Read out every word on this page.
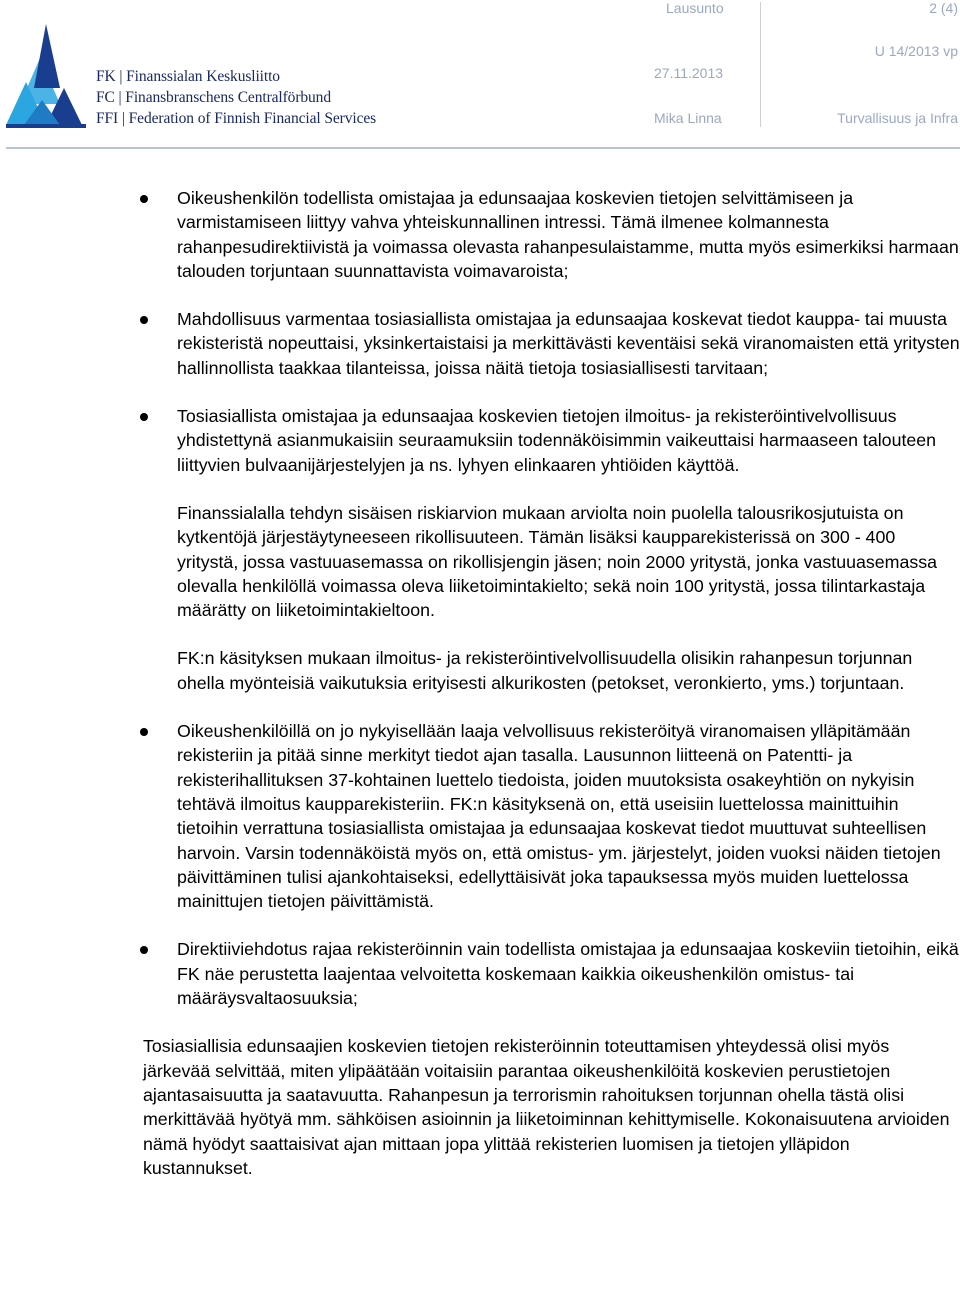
FK | Finanssialan Keskusliitto
FC | Finansbranschens Centralförbund
FFI | Federation of Finnish Financial Services
Lausunto	2 (4)
U 14/2013 vp
27.11.2013
Mika Linna	Turvallisuus ja Infra

Oikeushenkilön todellista omistajaa ja edunsaajaa koskevien tietojen selvittämiseen ja varmistamiseen liittyy vahva yhteiskunnallinen intressi. Tämä ilmenee kolmannesta rahanpesudirektiivistä ja voimassa olevasta rahanpesulaistamme, mutta myös esimerkiksi harmaan talouden torjuntaan suunnattavista voimavaroista;

Mahdollisuus varmentaa tosiasiallista omistajaa ja edunsaajaa koskevat tiedot kauppa- tai muusta rekisteristä nopeuttaisi, yksinkertaistaisi ja merkittävästi keventäisi sekä viranomaisten että yritysten hallinnollista taakkaa tilanteissa, joissa näitä tietoja tosiasiallisesti tarvitaan;

Tosiasiallista omistajaa ja edunsaajaa koskevien tietojen ilmoitus- ja rekisteröintivelvollisuus yhdistettynä asianmukaisiin seuraamuksiin todennäköisimmin vaikeuttaisi harmaaseen talouteen liittyvien bulvaanijärjestelyjen ja ns. lyhyen elinkaaren yhtiöiden käyttöä.

Finanssialalla tehdyn sisäisen riskiarvion mukaan arviolta noin puolella talousrikosjutuista on kytkentöjä järjestäytyneeseen rikollisuuteen. Tämän lisäksi kaupparekisterissä on 300 - 400 yritystä, jossa vastuuasemassa on rikollisjengin jäsen; noin 2000 yritystä, jonka vastuuasemassa olevalla henkilöllä voimassa oleva liiketoimintakielto; sekä noin 100 yritystä, jossa tilintarkastaja määrätty on liiketoimintakieltoon.

FK:n käsityksen mukaan ilmoitus- ja rekisteröintivelvollisuudella olisikin rahanpesun torjunnan ohella myönteisiä vaikutuksia erityisesti alkurikosten (petokset, veronkierto, yms.) torjuntaan.

Oikeushenkilöillä on jo nykyisellään laaja velvollisuus rekisteröityä viranomaisen ylläpitämään rekisteriin ja pitää sinne merkityt tiedot ajan tasalla. Lausunnon liitteenä on Patentti- ja rekisterihallituksen 37-kohtainen luettelo tiedoista, joiden muutoksista osakeyhtiön on nykyisin tehtävä ilmoitus kaupparekisteriin. FK:n käsityksenä on, että useisiin luettelossa mainittuihin tietoihin verrattuna tosiasiallista omistajaa ja edunsaajaa koskevat tiedot muuttuvat suhteellisen harvoin. Varsin todennäköistä myös on, että omistus- ym. järjestelyt, joiden vuoksi näiden tietojen päivittäminen tulisi ajankohtaiseksi, edellyttäisivät joka tapauksessa myös muiden luettelossa mainittujen tietojen päivittämistä.

Direktiiviehdotus rajaa rekisteröinnin vain todellista omistajaa ja edunsaajaa koskeviin tietoihin, eikä FK näe perustetta laajentaa velvoitetta koskemaan kaikkia oikeushenkilön omistus- tai määräysvaltaosuuksia;

Tosiasiallisia edunsaajien koskevien tietojen rekisteröinnin toteuttamisen yhteydessä olisi myös järkevää selvittää, miten ylipäätään voitaisiin parantaa oikeushenkilöitä koskevien perustietojen ajantasaisuutta ja saatavuutta. Rahanpesun ja terrorismin rahoituksen torjunnan ohella tästä olisi merkittävää hyötyä mm. sähköisen asioinnin ja liiketoiminnan kehittymiselle. Kokonaisuutena arvioiden nämä hyödyt saattaisivat ajan mittaan jopa ylittää rekisterien luomisen ja tietojen ylläpidon kustannukset.
